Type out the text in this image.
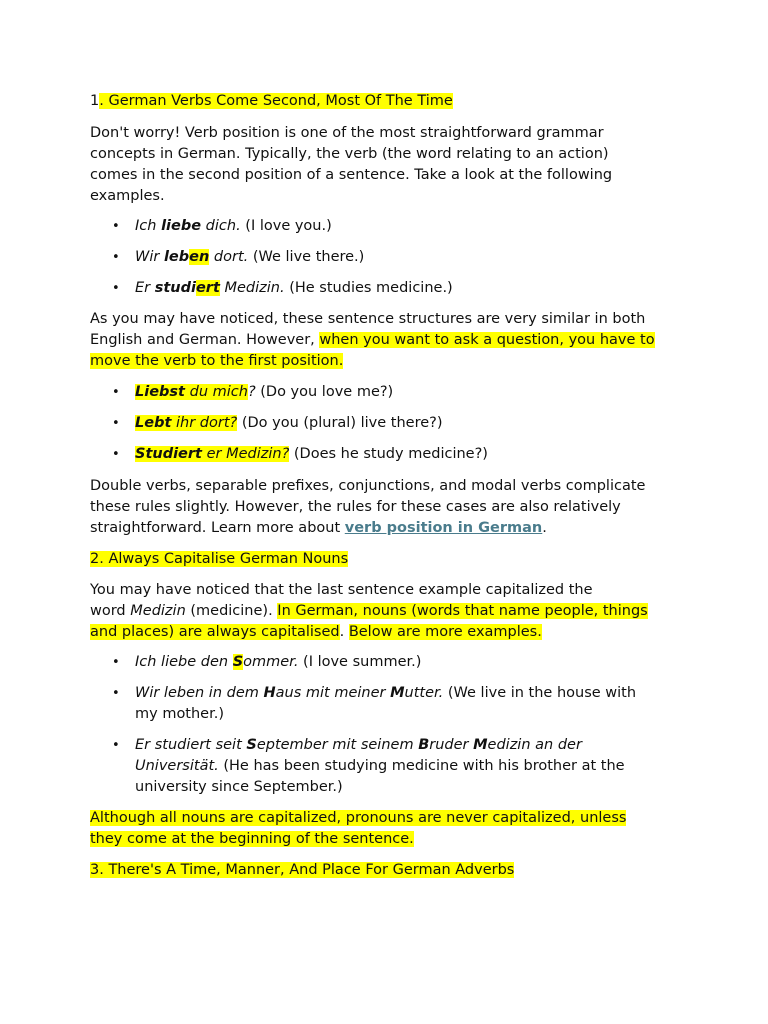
1. German Verbs Come Second, Most Of The Time

Don't worry! Verb position is one of the most straightforward grammar

concepts in German. Typically, the verb (the word relating to an action)

comes in the second position of a sentence. Take a look at the following

examples.

• Ich liebe dich. (I love you.)
• Wir leben dort. (We live there.)
• Er studiert Medizin. (He studies medicine.)

As you may have noticed, these sentence structures are very similar in both

English and German. However, when you want to ask a question, you have to

move the verb to the first position.

• Liebst du mich? (Do you love me?)
• Lebt ihr dort? (Do you (plural) live there?)
• Studiert er Medizin? (Does he study medicine?)

Double verbs, separable prefixes, conjunctions, and modal verbs complicate

these rules slightly. However, the rules for these cases are also relatively

straightforward. Learn more about verb position in German.

2. Always Capitalise German Nouns

You may have noticed that the last sentence example capitalized the

word Medizin (medicine). In German, nouns (words that name people, things

and places) are always capitalised. Below are more examples.

• Ich liebe den Sommer. (I love summer.)
• Wir leben in dem Haus mit meiner Mutter. (We live in the house with
my mother.)
• Er studiert seit September mit seinem Bruder Medizin an der
Universität. (He has been studying medicine with his brother at the
university since September.)

Although all nouns are capitalized, pronouns are never capitalized, unless

they come at the beginning of the sentence.

3. There's A Time, Manner, And Place For German Adverbs
